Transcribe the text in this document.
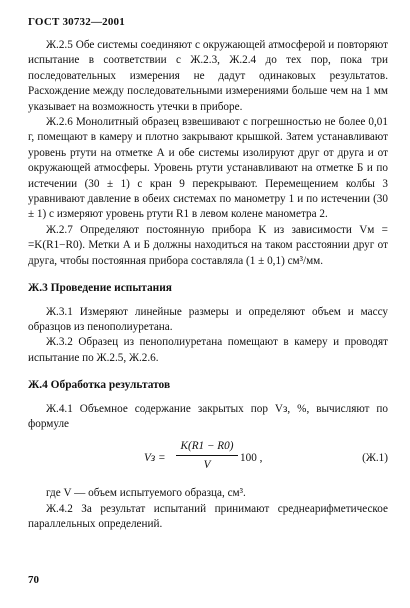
ГОСТ 30732—2001

Ж.2.5 Обе системы соединяют с окружающей атмосферой и повторяют испытание в соответствии с Ж.2.3, Ж.2.4 до тех пор, пока три последовательных измерения не дадут одинаковых результатов. Расхождение между последовательными измерениями больше чем на 1 мм указывает на возможность утечки в приборе.

Ж.2.6 Монолитный образец взвешивают с погрешностью не более 0,01 г, помещают в камеру и плотно закрывают крышкой. Затем устанавливают уровень ртути на отметке А и обе системы изолируют друг от друга и от окружающей атмосферы. Уровень ртути устанавливают на отметке Б и по истечении (30 ± 1) с кран 9 перекрывают. Перемещением колбы 3 уравнивают давление в обеих системах по манометру 1 и по истечении (30 ± 1) с измеряют уровень ртути R1 в левом колене манометра 2.

Ж.2.7 Определяют постоянную прибора K из зависимости Vм = =K(R1−R0). Метки А и Б должны находиться на таком расстоянии друг от друга, чтобы постоянная прибора составляла (1 ± 0,1) см³/мм.

Ж.3 Проведение испытания

Ж.3.1 Измеряют линейные размеры и определяют объем и массу образцов из пенополиуретана.

Ж.3.2 Образец из пенополиуретана помещают в камеру и проводят испытание по Ж.2.5, Ж.2.6.

Ж.4 Обработка результатов

Ж.4.1 Объемное содержание закрытых пор Vз, %, вычисляют по формуле

Vз =
K(R1 − R0)
V
100 ,	(Ж.1)

где V — объем испытуемого образца, см³.

Ж.4.2 За результат испытаний принимают среднеарифметическое параллельных определений.

70
